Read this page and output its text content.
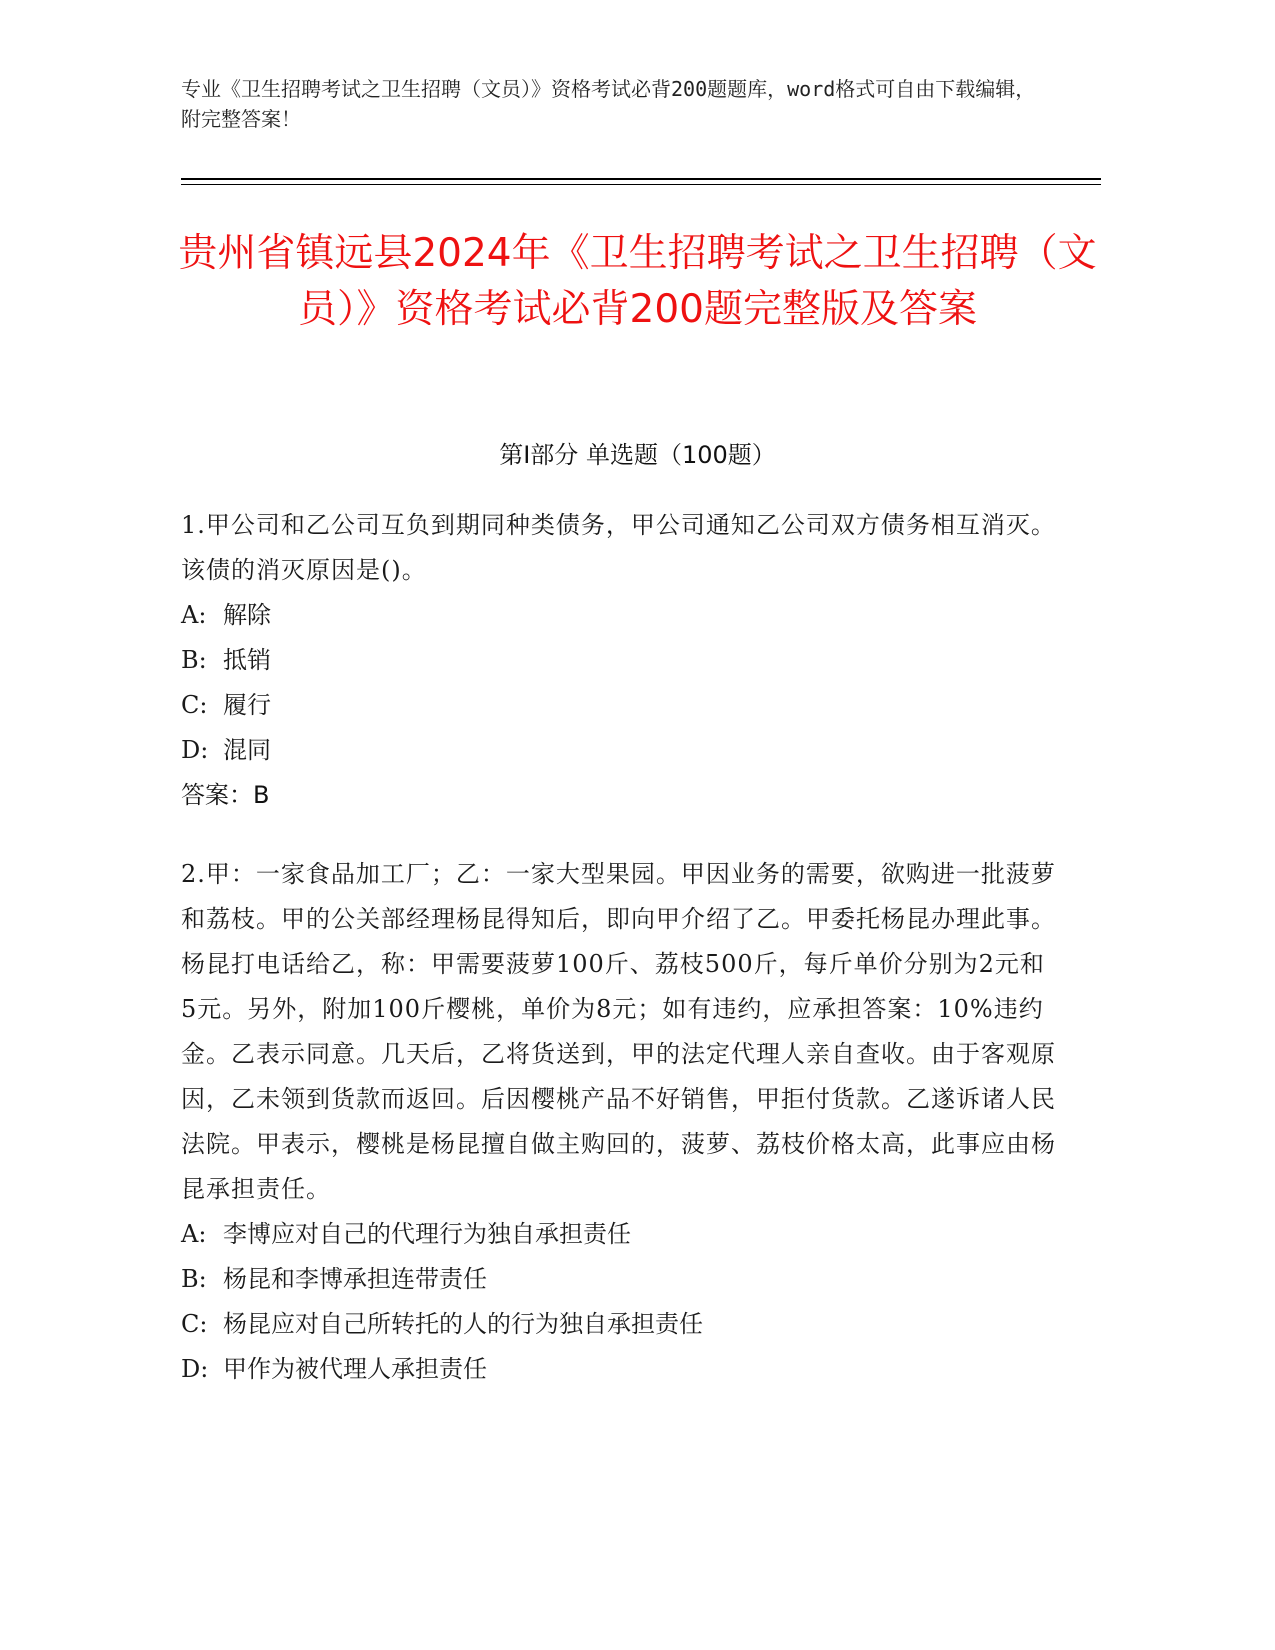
专业《卫生招聘考试之卫生招聘（文员）》资格考试必背200题题库，word格式可自由下载编辑，附完整答案！
贵州省镇远县2024年《卫生招聘考试之卫生招聘（文员）》资格考试必背200题完整版及答案
第Ⅰ部分 单选题（100题）
1.甲公司和乙公司互负到期同种类债务，甲公司通知乙公司双方债务相互消灭。该债的消灭原因是()。
A: 解除
B: 抵销
C: 履行
D: 混同
答案：B
2.甲：一家食品加工厂；乙：一家大型果园。甲因业务的需要，欲购进一批菠萝和荔枝。甲的公关部经理杨昆得知后，即向甲介绍了乙。甲委托杨昆办理此事。杨昆打电话给乙，称：甲需要菠萝100斤、荔枝500斤，每斤单价分别为2元和5元。另外，附加100斤樱桃，单价为8元；如有违约，应承担答案：10%违约金。乙表示同意。几天后，乙将货送到，甲的法定代理人亲自查收。由于客观原因，乙未领到货款而返回。后因樱桃产品不好销售，甲拒付货款。乙遂诉诸人民法院。甲表示，樱桃是杨昆擅自做主购回的，菠萝、荔枝价格太高，此事应由杨昆承担责任。
A: 李博应对自己的代理行为独自承担责任
B: 杨昆和李博承担连带责任
C: 杨昆应对自己所转托的人的行为独自承担责任
D: 甲作为被代理人承担责任
